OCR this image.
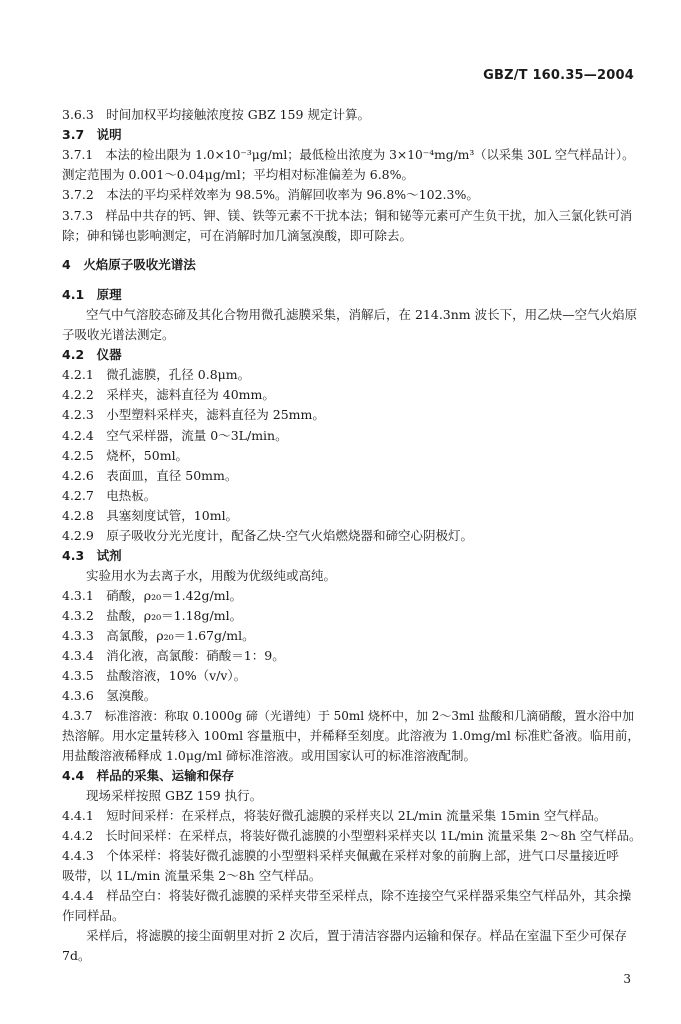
GBZ/T 160.35—2004
3.6.3　时间加权平均接触浓度按 GBZ 159 规定计算。
3.7　说明
3.7.1　本法的检出限为 1.0×10⁻³μg/ml；最低检出浓度为 3×10⁻⁴mg/m³（以采集 30L 空气样品计）。
测定范围为 0.001～0.04μg/ml；平均相对标准偏差为 6.8%。
3.7.2　本法的平均采样效率为 98.5%。消解回收率为 96.8%～102.3%。
3.7.3　样品中共存的钙、钾、镁、铁等元素不干扰本法；铜和铋等元素可产生负干扰，加入三氯化铁可消
除；砷和锑也影响测定，可在消解时加几滴氢溴酸，即可除去。
4　火焰原子吸收光谱法
4.1　原理
空气中气溶胶态碲及其化合物用微孔滤膜采集，消解后，在 214.3nm 波长下，用乙炔—空气火焰原
子吸收光谱法测定。
4.2　仪器
4.2.1　微孔滤膜，孔径 0.8μm。
4.2.2　采样夹，滤料直径为 40mm。
4.2.3　小型塑料采样夹，滤料直径为 25mm。
4.2.4　空气采样器，流量 0～3L/min。
4.2.5　烧杯，50ml。
4.2.6　表面皿，直径 50mm。
4.2.7　电热板。
4.2.8　具塞刻度试管，10ml。
4.2.9　原子吸收分光光度计，配备乙炔-空气火焰燃烧器和碲空心阴极灯。
4.3　试剂
实验用水为去离子水，用酸为优级纯或高纯。
4.3.1　硝酸，ρ₂₀＝1.42g/ml。
4.3.2　盐酸，ρ₂₀＝1.18g/ml。
4.3.3　高氯酸，ρ₂₀＝1.67g/ml。
4.3.4　消化液，高氯酸：硝酸＝1：9。
4.3.5　盐酸溶液，10%（v/v）。
4.3.6　氢溴酸。
4.3.7　标准溶液：称取 0.1000g 碲（光谱纯）于 50ml 烧杯中，加 2～3ml 盐酸和几滴硝酸，置水浴中加
热溶解。用水定量转移入 100ml 容量瓶中，并稀释至刻度。此溶液为 1.0mg/ml 标准贮备液。临用前，
用盐酸溶液稀释成 1.0μg/ml 碲标准溶液。或用国家认可的标准溶液配制。
4.4　样品的采集、运输和保存
现场采样按照 GBZ 159 执行。
4.4.1　短时间采样：在采样点，将装好微孔滤膜的采样夹以 2L/min 流量采集 15min 空气样品。
4.4.2　长时间采样：在采样点，将装好微孔滤膜的小型塑料采样夹以 1L/min 流量采集 2～8h 空气样品。
4.4.3　个体采样：将装好微孔滤膜的小型塑料采样夹佩戴在采样对象的前胸上部，进气口尽量接近呼
吸带，以 1L/min 流量采集 2～8h 空气样品。
4.4.4　样品空白：将装好微孔滤膜的采样夹带至采样点，除不连接空气采样器采集空气样品外，其余操
作同样品。
采样后，将滤膜的接尘面朝里对折 2 次后，置于清洁容器内运输和保存。样品在室温下至少可保存
7d。
3
